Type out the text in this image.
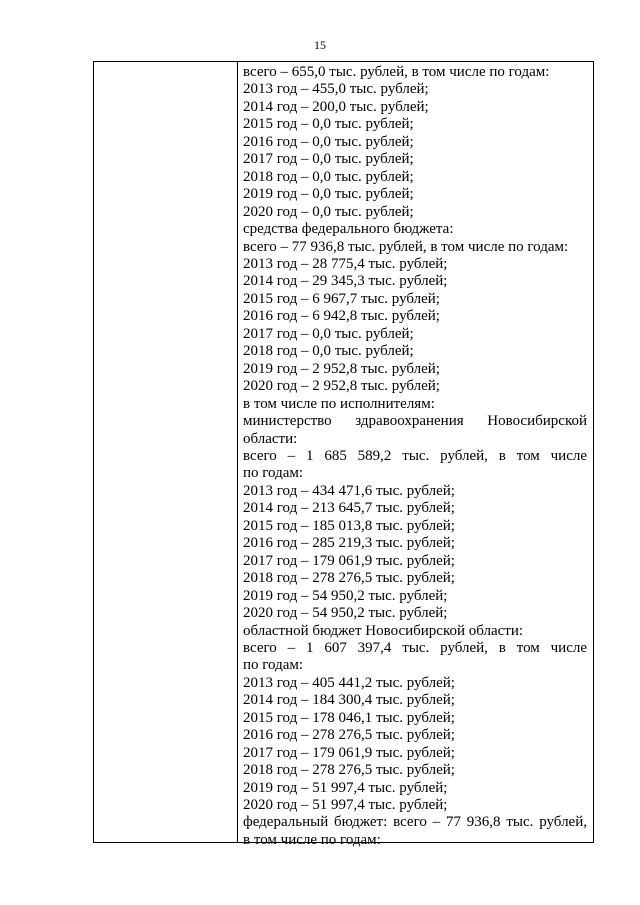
15
всего – 655,0 тыс. рублей, в том числе по годам:
2013 год – 455,0 тыс. рублей;
2014 год – 200,0 тыс. рублей;
2015 год – 0,0 тыс. рублей;
2016 год – 0,0 тыс. рублей;
2017 год – 0,0 тыс. рублей;
2018 год – 0,0 тыс. рублей;
2019 год – 0,0 тыс. рублей;
2020 год – 0,0 тыс. рублей;
средства федерального бюджета:
всего – 77 936,8 тыс. рублей, в том числе по годам:
2013 год – 28 775,4 тыс. рублей;
2014 год – 29 345,3 тыс. рублей;
2015 год – 6 967,7 тыс. рублей;
2016 год – 6 942,8 тыс. рублей;
2017 год – 0,0 тыс. рублей;
2018 год – 0,0 тыс. рублей;
2019 год – 2 952,8 тыс. рублей;
2020 год – 2 952,8 тыс. рублей;
в том числе по исполнителям:
министерство здравоохранения Новосибирской
области:
всего – 1 685 589,2 тыс. рублей, в том числе
по годам:
2013 год – 434 471,6 тыс. рублей;
2014 год – 213 645,7 тыс. рублей;
2015 год – 185 013,8 тыс. рублей;
2016 год – 285 219,3 тыс. рублей;
2017 год – 179 061,9 тыс. рублей;
2018 год – 278 276,5 тыс. рублей;
2019 год – 54 950,2 тыс. рублей;
2020 год – 54 950,2 тыс. рублей;
областной бюджет Новосибирской области:
всего – 1 607 397,4 тыс. рублей, в том числе
по годам:
2013 год – 405 441,2 тыс. рублей;
2014 год – 184 300,4 тыс. рублей;
2015 год – 178 046,1 тыс. рублей;
2016 год – 278 276,5 тыс. рублей;
2017 год – 179 061,9 тыс. рублей;
2018 год – 278 276,5 тыс. рублей;
2019 год – 51 997,4 тыс. рублей;
2020 год – 51 997,4 тыс. рублей;
федеральный бюджет: всего – 77 936,8 тыс. рублей,
в том числе по годам:
